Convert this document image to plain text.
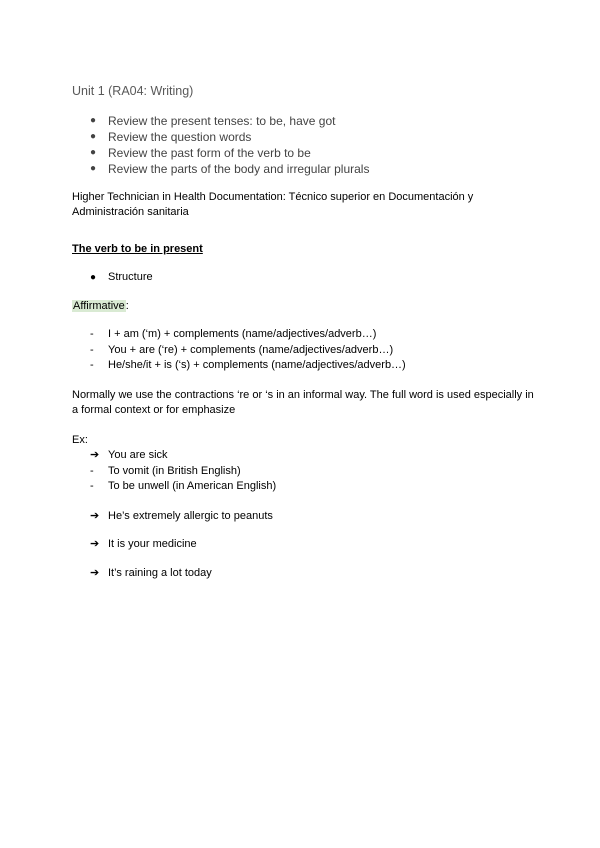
Unit 1 (RA04: Writing)
● Review the present tenses: to be, have got
● Review the question words
● Review the past form of the verb to be
● Review the parts of the body and irregular plurals
Higher Technician in Health Documentation: Técnico superior en Documentación y Administración sanitaria
The verb to be in present
●	Structure
Affirmative:
-	I + am (‘m) + complements (name/adjectives/adverb…)
-	You + are (‘re) + complements (name/adjectives/adverb…)
-	He/she/it + is (‘s) + complements (name/adjectives/adverb…)
Normally we use the contractions ‘re or ‘s in an informal way. The full word is used especially in a formal context or for emphasize
Ex:
➔ You are sick
-	To vomit (in British English)
-	To be unwell (in American English)
➔ He’s extremely allergic to peanuts
➔ It is your medicine
➔ It’s raining a lot today
